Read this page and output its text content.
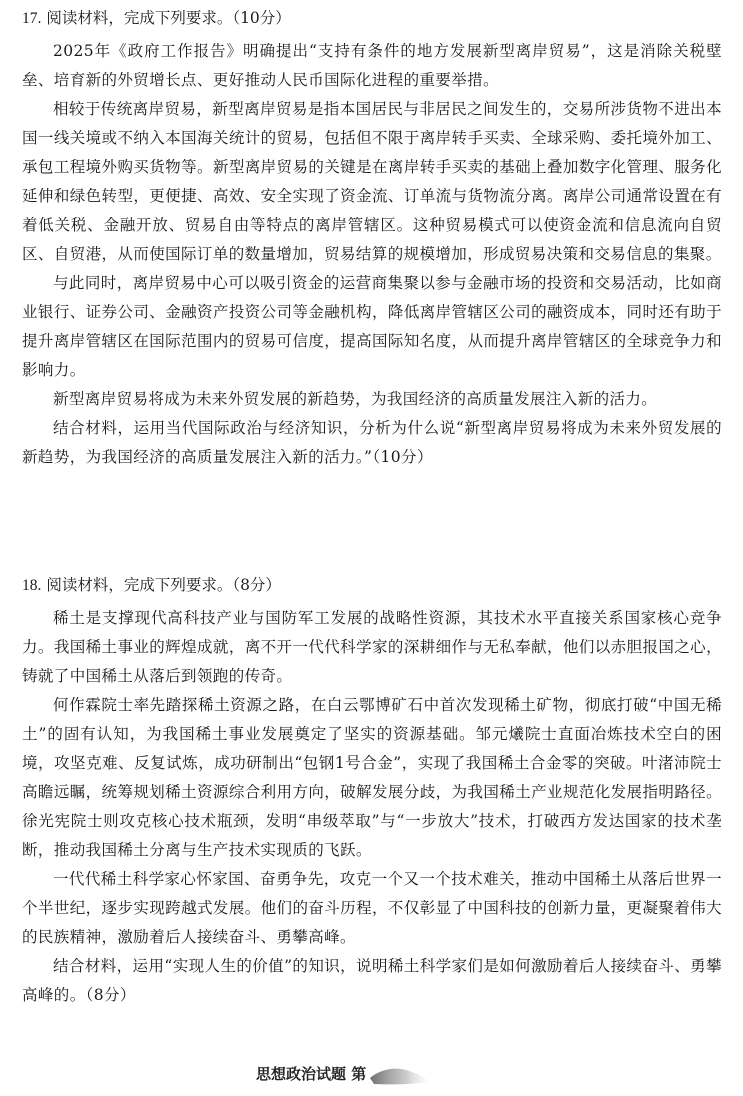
17. 阅读材料，完成下列要求。（10分）

2025年《政府工作报告》明确提出“支持有条件的地方发展新型离岸贸易”，这是消除关税壁垒、培育新的外贸增长点、更好推动人民币国际化进程的重要举措。

相较于传统离岸贸易，新型离岸贸易是指本国居民与非居民之间发生的，交易所涉货物不进出本国一线关境或不纳入本国海关统计的贸易，包括但不限于离岸转手买卖、全球采购、委托境外加工、承包工程境外购买货物等。新型离岸贸易的关键是在离岸转手买卖的基础上叠加数字化管理、服务化延伸和绿色转型，更便捷、高效、安全实现了资金流、订单流与货物流分离。离岸公司通常设置在有着低关税、金融开放、贸易自由等特点的离岸管辖区。这种贸易模式可以使资金流和信息流向自贸区、自贸港，从而使国际订单的数量增加，贸易结算的规模增加，形成贸易决策和交易信息的集聚。

与此同时，离岸贸易中心可以吸引资金的运营商集聚以参与金融市场的投资和交易活动，比如商业银行、证券公司、金融资产投资公司等金融机构，降低离岸管辖区公司的融资成本，同时还有助于提升离岸管辖区在国际范围内的贸易可信度，提高国际知名度，从而提升离岸管辖区的全球竞争力和影响力。

新型离岸贸易将成为未来外贸发展的新趋势，为我国经济的高质量发展注入新的活力。

结合材料，运用当代国际政治与经济知识，分析为什么说“新型离岸贸易将成为未来外贸发展的新趋势，为我国经济的高质量发展注入新的活力。”（10分）

18. 阅读材料，完成下列要求。（8分）

稀土是支撑现代高科技产业与国防军工发展的战略性资源，其技术水平直接关系国家核心竞争力。我国稀土事业的辉煌成就，离不开一代代科学家的深耕细作与无私奉献，他们以赤胆报国之心，铸就了中国稀土从落后到领跑的传奇。

何作霖院士率先踏探稀土资源之路，在白云鄂博矿石中首次发现稀土矿物，彻底打破“中国无稀土”的固有认知，为我国稀土事业发展奠定了坚实的资源基础。邹元爔院士直面冶炼技术空白的困境，攻坚克难、反复试炼，成功研制出“包钢1号合金”，实现了我国稀土合金零的突破。叶渚沛院士高瞻远瞩，统筹规划稀土资源综合利用方向，破解发展分歧，为我国稀土产业规范化发展指明路径。徐光宪院士则攻克核心技术瓶颈，发明“串级萃取”与“一步放大”技术，打破西方发达国家的技术垄断，推动我国稀土分离与生产技术实现质的飞跃。

一代代稀土科学家心怀家国、奋勇争先，攻克一个又一个技术难关，推动中国稀土从落后世界一个半世纪，逐步实现跨越式发展。他们的奋斗历程，不仅彰显了中国科技的创新力量，更凝聚着伟大的民族精神，激励着后人接续奋斗、勇攀高峰。

结合材料，运用“实现人生的价值”的知识，说明稀土科学家们是如何激励着后人接续奋斗、勇攀高峰的。（8分）

思想政治试题 第
